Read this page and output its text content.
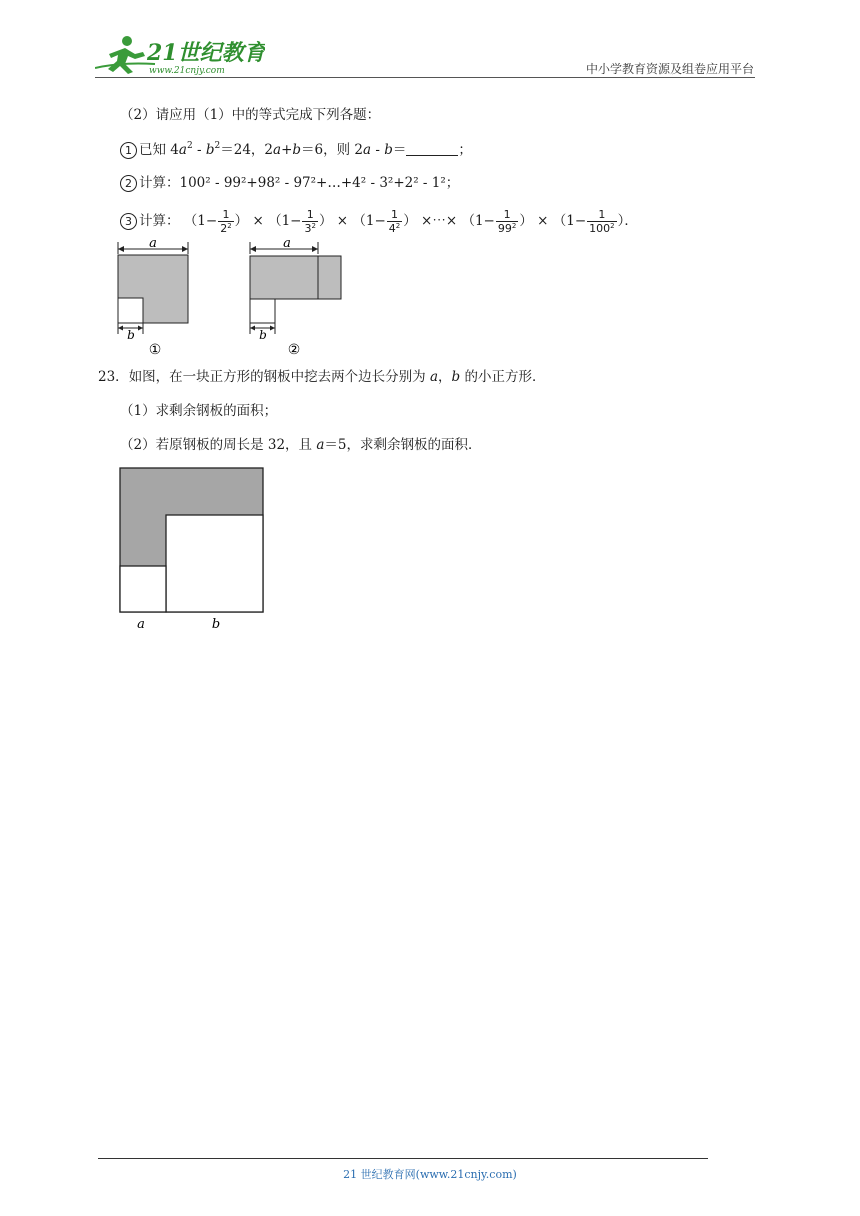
21世纪教育
www.21cnjy.com	中小学教育资源及组卷应用平台
（2）请应用（1）中的等式完成下列各题：
1 已知 $4a^2 - b^2=24$，2a+b＝6，则 2a - b＝	；
2 计算：100² - 99²+98² - 97²+…+4² - 3²+2² - 1²；
3 计算： （$1- \frac{1}{2^2}$ ） × （$1- \frac{1}{3^2}$ ） × （$1- \frac{1}{4^2}$ ） ×⋯× （$1- \frac{1}{99^2}$ ） × （$1- \frac{1}{100^2}$ ）．
a
b
①
a
b
②
23．如图，在一块正方形的钢板中挖去两个边长分别为 a，b 的小正方形．
（1）求剩余钢板的面积；
（2）若原钢板的周长是 32，且 a＝5，求剩余钢板的面积．
a	b
21 世纪教育网(www.21cnjy.com)
